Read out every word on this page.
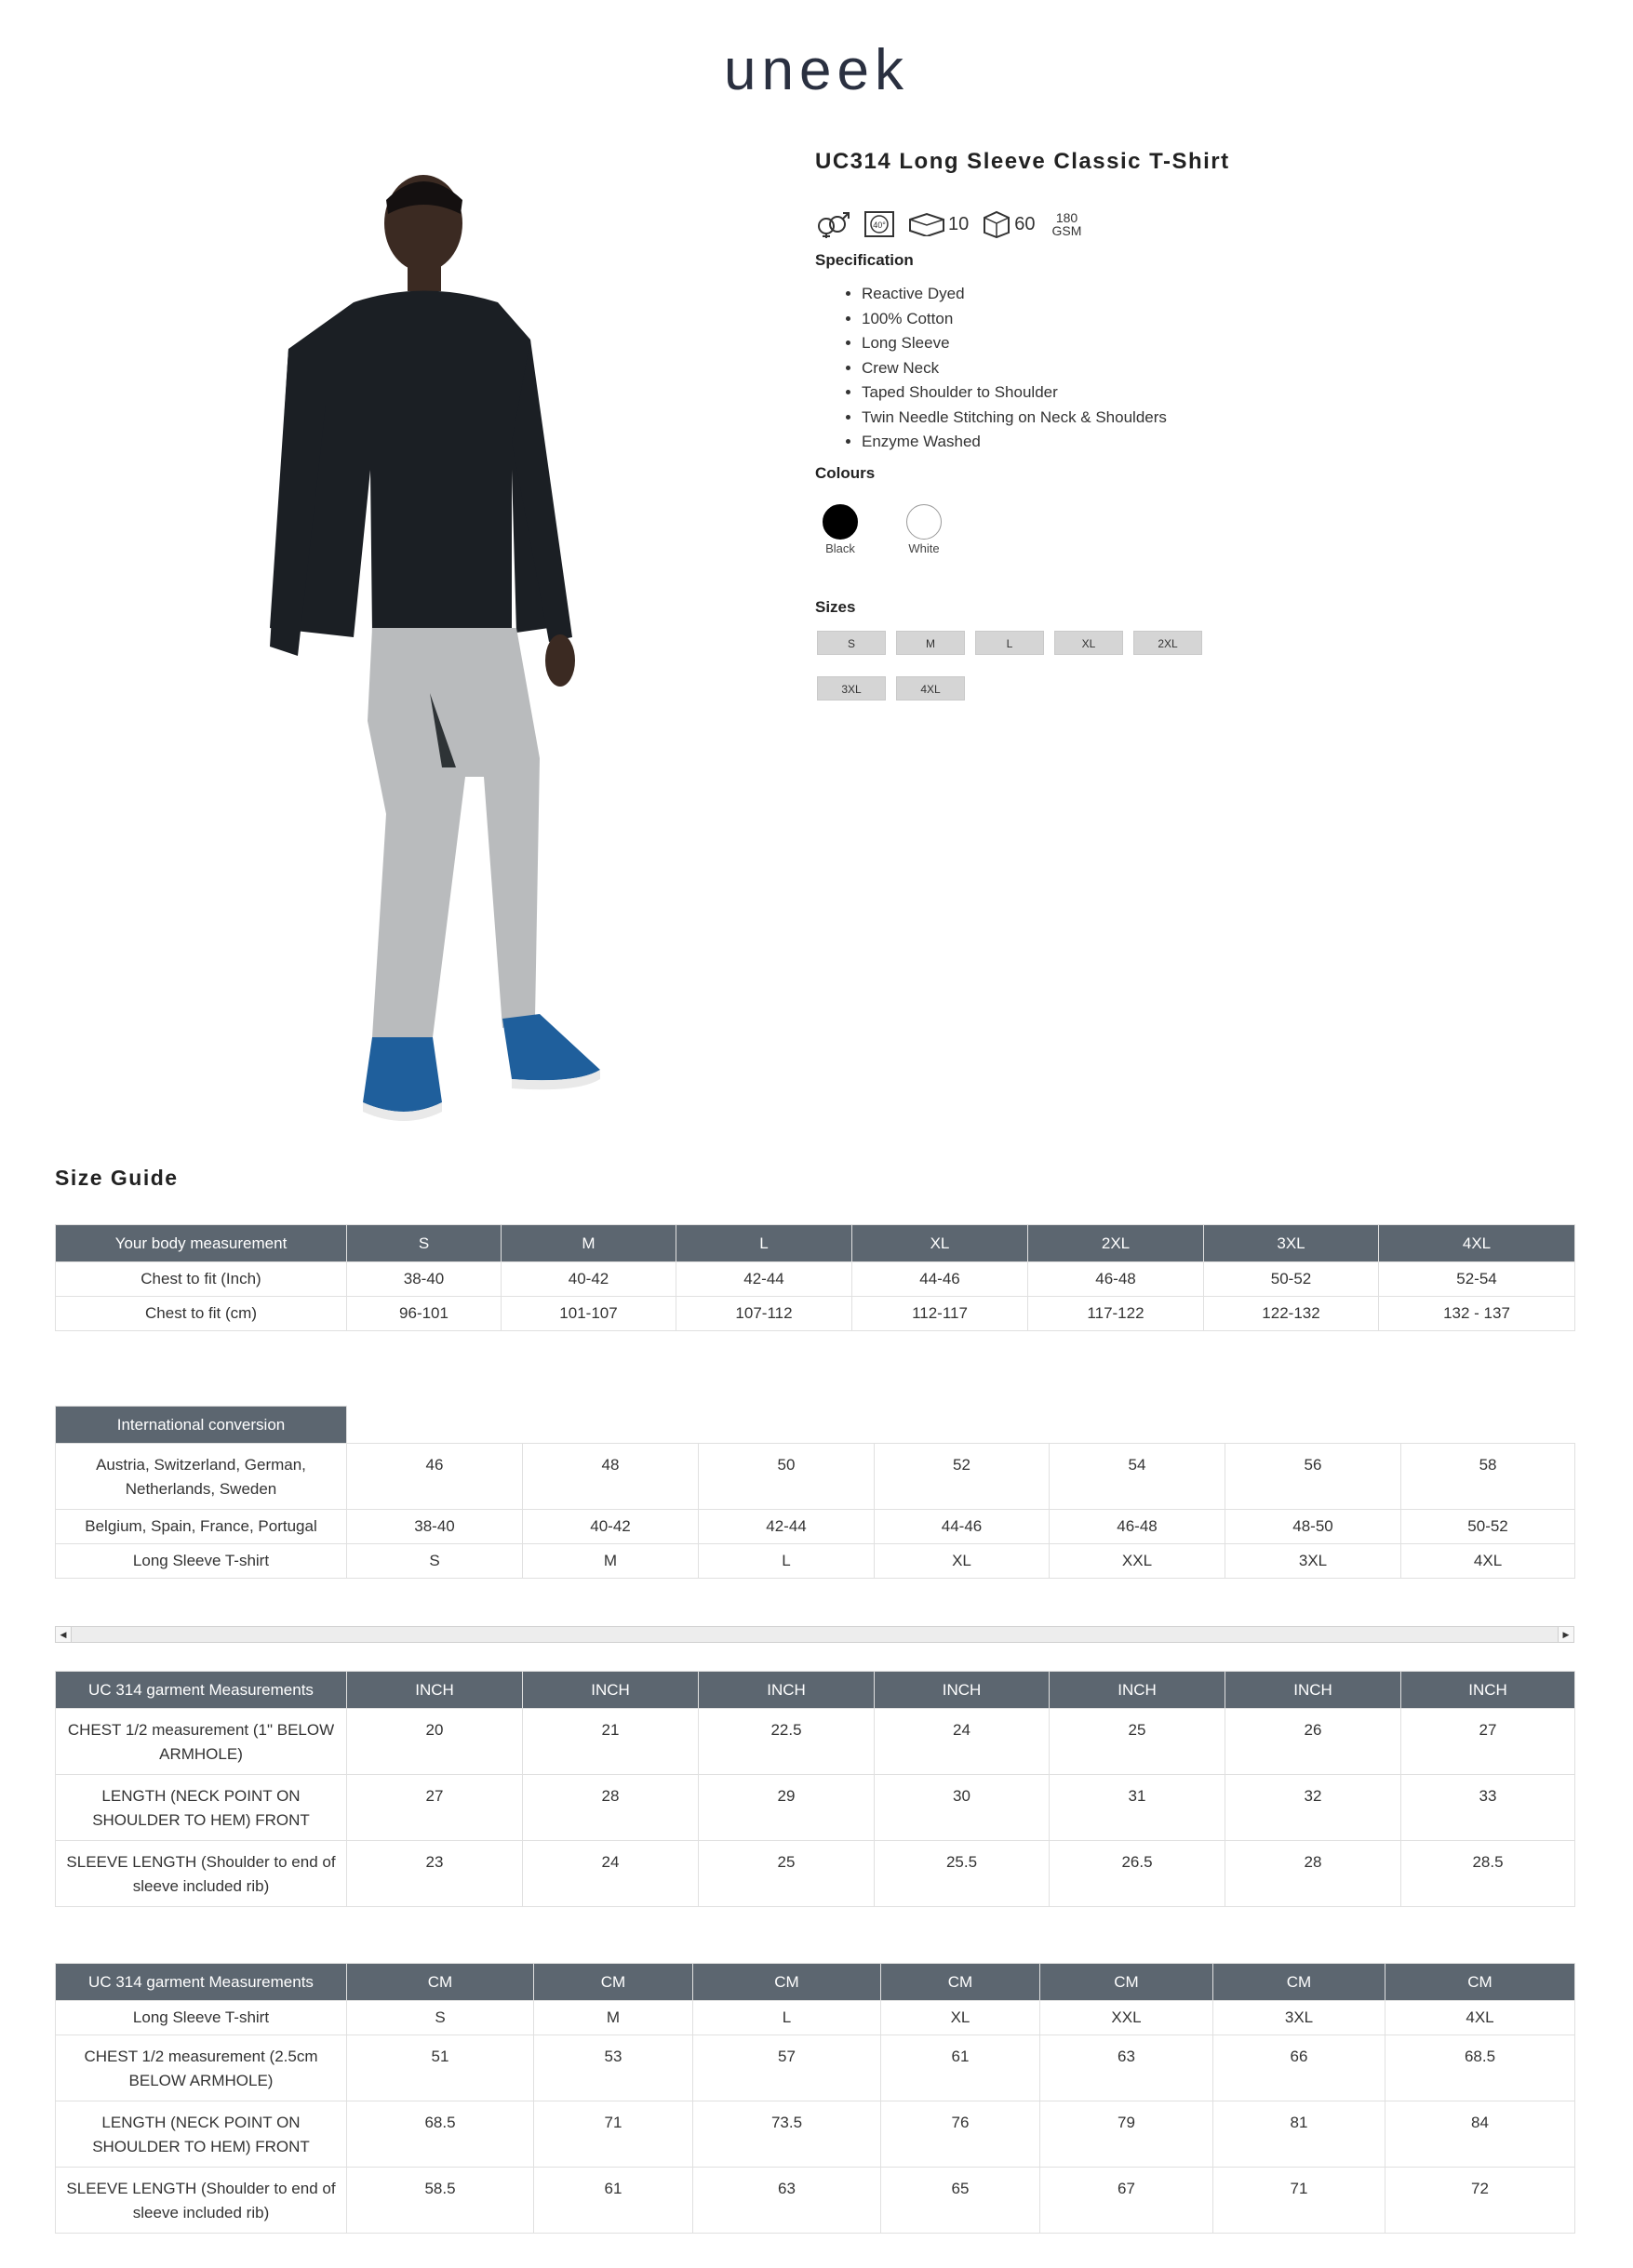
uneek
UC314 Long Sleeve Classic T-Shirt
40°	10 60	180 GSM
Specification
• Reactive Dyed
• 100% Cotton
• Long Sleeve
• Crew Neck
• Taped Shoulder to Shoulder
• Twin Needle Stitching on Neck & Shoulders
• Enzyme Washed
Colours
Black	White
Sizes
S	M	L	XL	2XL
3XL	4XL
Size Guide
Your body measurement	S	M	L	XL	2XL	3XL	4XL
Chest to fit (Inch)	38-40	40-42	42-44	44-46	46-48	50-52	52-54
Chest to fit (cm)	96-101	101-107	107-112	112-117	117-122	122-132	132 - 137
International conversion							
Austria, Switzerland, German, Netherlands, Sweden	46	48	50	52	54	56	58
Belgium, Spain, France, Portugal	38-40	40-42	42-44	44-46	46-48	48-50	50-52
Long Sleeve T-shirt	S	M	L	XL	XXL	3XL	4XL
◀	▶
UC 314 garment Measurements	INCH	INCH	INCH	INCH	INCH	INCH	INCH
CHEST 1/2 measurement (1" BELOW ARMHOLE)	20	21	22.5	24	25	26	27
LENGTH (NECK POINT ON SHOULDER TO HEM) FRONT	27	28	29	30	31	32	33
SLEEVE LENGTH (Shoulder to end of sleeve included rib)	23	24	25	25.5	26.5	28	28.5
UC 314 garment Measurements	CM	CM	CM	CM	CM	CM	CM
Long Sleeve T-shirt	S	M	L	XL	XXL	3XL	4XL
CHEST 1/2 measurement (2.5cm BELOW ARMHOLE)	51	53	57	61	63	66	68.5
LENGTH (NECK POINT ON SHOULDER TO HEM) FRONT	68.5	71	73.5	76	79	81	84
SLEEVE LENGTH (Shoulder to end of sleeve included rib)	58.5	61	63	65	67	71	72
